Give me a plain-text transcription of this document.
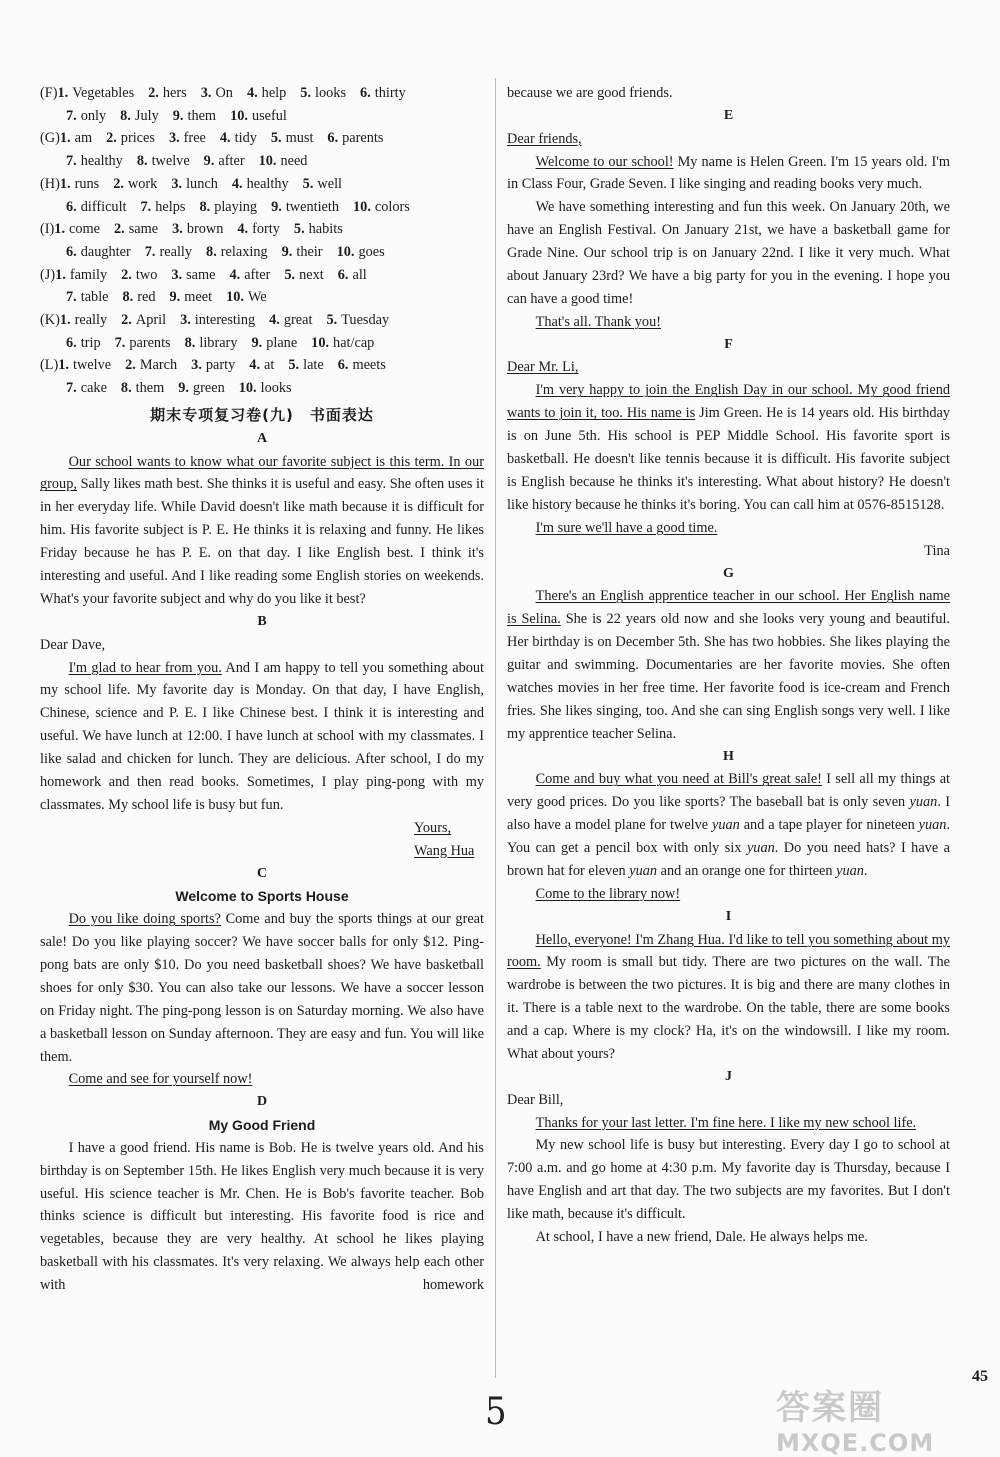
(F)1. Vegetables 2. hers 3. On 4. help 5. looks 6. thirty
7. only 8. July 9. them 10. useful
(G)1. am 2. prices 3. free 4. tidy 5. must 6. parents
7. healthy 8. twelve 9. after 10. need
(H)1. runs 2. work 3. lunch 4. healthy 5. well
6. difficult 7. helps 8. playing 9. twentieth 10. colors
(I)1. come 2. same 3. brown 4. forty 5. habits
6. daughter 7. really 8. relaxing 9. their 10. goes
(J)1. family 2. two 3. same 4. after 5. next 6. all
7. table 8. red 9. meet 10. We
(K)1. really 2. April 3. interesting 4. great 5. Tuesday
6. trip 7. parents 8. library 9. plane 10. hat/cap
(L)1. twelve 2. March 3. party 4. at 5. late 6. meets
7. cake 8. them 9. green 10. looks
期末专项复习卷(九)　书面表达
A

Our school wants to know what our favorite subject is this term. In our group, Sally likes math best. She thinks it is useful and easy. She often uses it in her everyday life. While David doesn't like math because it is difficult for him. His favorite subject is P. E. He thinks it is relaxing and funny. He likes Friday because he has P. E. on that day. I like English best. I think it's interesting and useful. And I like reading some English stories on weekends. What's your favorite subject and why do you like it best?

B

Dear Dave,

I'm glad to hear from you. And I am happy to tell you something about my school life. My favorite day is Monday. On that day, I have English, Chinese, science and P. E. I like Chinese best. I think it is interesting and useful. We have lunch at 12:00. I have lunch at school with my classmates. I like salad and chicken for lunch. They are delicious. After school, I do my homework and then read books. Sometimes, I play ping-pong with my classmates. My school life is busy but fun.

Yours,
Wang Hua
C
Welcome to Sports House

Do you like doing sports? Come and buy the sports things at our great sale! Do you like playing soccer? We have soccer balls for only $12. Ping-pong bats are only $10. Do you need basketball shoes? We have basketball shoes for only $30. You can also take our lessons. We have a soccer lesson on Friday night. The ping-pong lesson is on Saturday morning. We also have a basketball lesson on Sunday afternoon. They are easy and fun. You will like them.

Come and see for yourself now!

D
My Good Friend

I have a good friend. His name is Bob. He is twelve years old. And his birthday is on September 15th. He likes English very much because it is very useful. His science teacher is Mr. Chen. He is Bob's favorite teacher. Bob thinks science is difficult but interesting. His favorite food is rice and vegetables, because they are very healthy. At school he likes playing basketball with his classmates. It's very relaxing. We always help each other with homework

because we are good friends.

E

Dear friends,

Welcome to our school! My name is Helen Green. I'm 15 years old. I'm in Class Four, Grade Seven. I like singing and reading books very much.

We have something interesting and fun this week. On January 20th, we have an English Festival. On January 21st, we have a basketball game for Grade Nine. Our school trip is on January 22nd. I like it very much. What about January 23rd? We have a big party for you in the evening. I hope you can have a good time!

That's all. Thank you!

F

Dear Mr. Li,

I'm very happy to join the English Day in our school. My good friend wants to join it, too. His name is Jim Green. He is 14 years old. His birthday is on June 5th. His school is PEP Middle School. His favorite sport is basketball. He doesn't like tennis because it is difficult. His favorite subject is English because he thinks it's interesting. What about history? He doesn't like history because he thinks it's boring. You can call him at 0576-8515128.

I'm sure we'll have a good time.

Tina

G

There's an English apprentice teacher in our school. Her English name is Selina. She is 22 years old now and she looks very young and beautiful. Her birthday is on December 5th. She has two hobbies. She likes playing the guitar and swimming. Documentaries are her favorite movies. She often watches movies in her free time. Her favorite food is ice-cream and French fries. She likes singing, too. And she can sing English songs very well. I like my apprentice teacher Selina.

H

Come and buy what you need at Bill's great sale! I sell all my things at very good prices. Do you like sports? The baseball bat is only seven yuan. I also have a model plane for twelve yuan and a tape player for nineteen yuan. You can get a pencil box with only six yuan. Do you need hats? I have a brown hat for eleven yuan and an orange one for thirteen yuan.

Come to the library now!

I

Hello, everyone! I'm Zhang Hua. I'd like to tell you something about my room. My room is small but tidy. There are two pictures on the wall. The wardrobe is between the two pictures. It is big and there are many clothes in it. There is a table next to the wardrobe. On the table, there are some books and a cap. Where is my clock? Ha, it's on the windowsill. I like my room. What about yours?

J

Dear Bill,

Thanks for your last letter. I'm fine here. I like my new school life.

My new school life is busy but interesting. Every day I go to school at 7:00 a.m. and go home at 4:30 p.m. My favorite day is Thursday, because I have English and art that day. The two subjects are my favorites. But I don't like math, because it's difficult.

At school, I have a new friend, Dale. He always helps me.

5	答案圈
MXQE.COM
45
